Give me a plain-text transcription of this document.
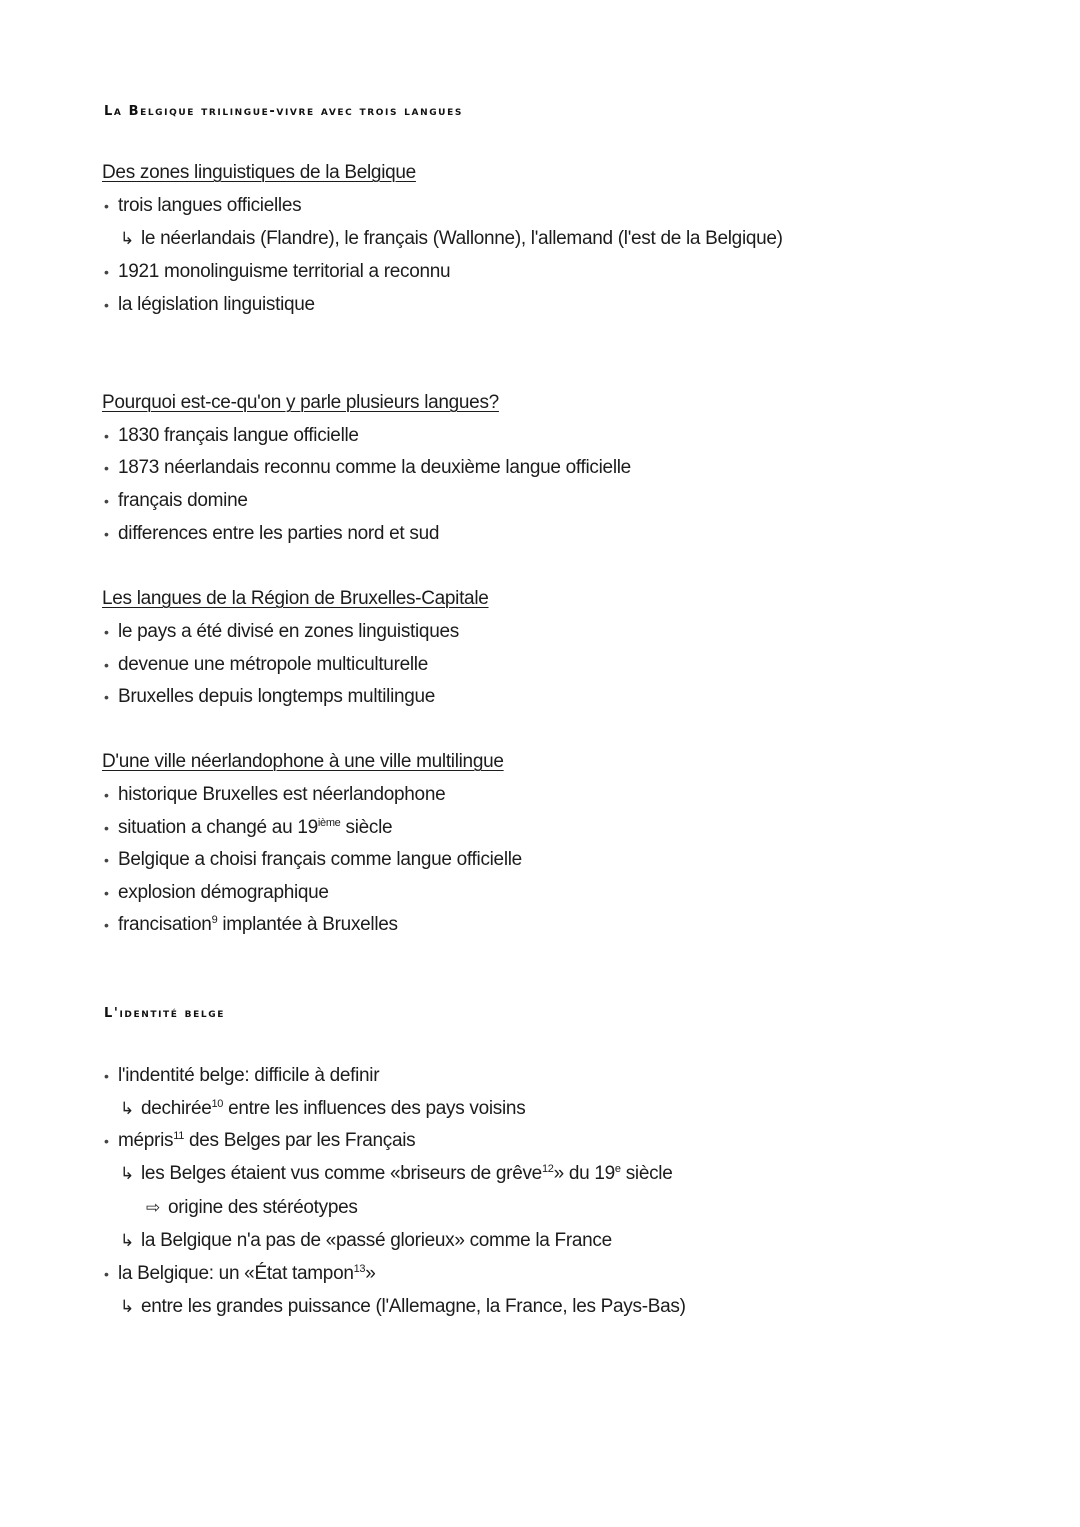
La Belgique trilingue-vivre avec trois langues
Des zones linguistiques de la Belgique
• trois langues officielles
↳ le néerlandais (Flandre), le français (Wallonne), l'allemand (l'est de la Belgique)
• 1921 monolinguisme territorial a reconnu
• la législation linguistique
Pourquoi est-ce-qu'on y parle plusieurs langues?
• 1830 français langue officielle
• 1873 néerlandais reconnu comme la deuxième langue officielle
• français domine
• differences entre les parties nord et sud
Les langues de la Région de Bruxelles-Capitale
• le pays a été divisé en zones linguistiques
• devenue une métropole multiculturelle
• Bruxelles depuis longtemps multilingue
D'une ville néerlandophone à une ville multilingue
• historique Bruxelles est néerlandophone
• situation a changé au 19ième siècle
• Belgique a choisi français comme langue officielle
• explosion démographique
• francisation$^9$ implantée à Bruxelles
L'identité belge
• l'indentité belge: difficile à definir
↳ dechirée$^{10}$ entre les influences des pays voisins
• mépris$^{11}$ des Belges par les Français
↳ les Belges étaient vus comme «briseurs de grêve$^{12}$» du 19e siècle
⇨ origine des stéréotypes
↳ la Belgique n'a pas de «passé glorieux» comme la France
• la Belgique: un «État tampon$^{13}$»
↳ entre les grandes puissance (l'Allemagne, la France, les Pays-Bas)
